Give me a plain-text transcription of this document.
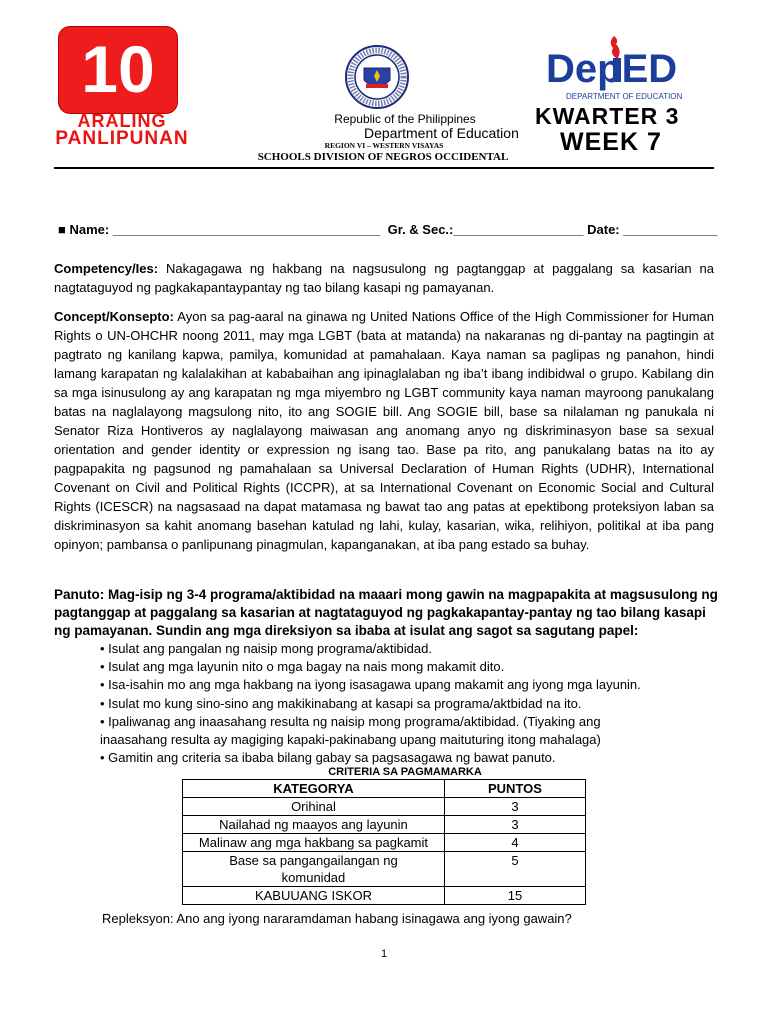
10
ARALING
PANLIPUNAN
Republic of the Philippines
Department of Education
REGION VI – WESTERN VISAYAS
SCHOOLS DIVISION OF NEGROS OCCIDENTAL
DepED
DEPARTMENT OF EDUCATION
KWARTER 3
WEEK 7
■ Name: _____________________________________ Gr. & Sec.:__________________ Date: _____________
Competency/Ies: Nakagagawa ng hakbang na nagsusulong ng pagtanggap at paggalang sa kasarian na nagtataguyod ng pagkakapantaypantay ng tao bilang kasapi ng pamayanan.
Concept/Konsepto: Ayon sa pag-aaral na ginawa ng United Nations Office of the High Commissioner for Human Rights o UN-OHCHR noong 2011, may mga LGBT (bata at matanda) na nakaranas ng di-pantay na pagtingin at pagtrato ng kanilang kapwa, pamilya, komunidad at pamahalaan. Kaya naman sa paglipas ng panahon, hindi lamang karapatan ng kalalakihan at kababaihan ang ipinaglalaban ng iba’t ibang indibidwal o grupo. Kabilang din sa mga isinusulong ay ang karapatan ng mga miyembro ng LGBT community kaya naman mayroong panukalang batas na naglalayong magsulong nito, ito ang SOGIE bill. Ang SOGIE bill, base sa nilalaman ng panukala ni Senator Riza Hontiveros ay naglalayong maiwasan ang anomang anyo ng diskriminasyon base sa sexual orientation and gender identity or expression ng isang tao. Base pa rito, ang panukalang batas na ito ay pagpapakita ng pagsunod ng pamahalaan sa Universal Declaration of Human Rights (UDHR), International Covenant on Civil and Political Rights (ICCPR), at sa International Covenant on Economic Social and Cultural Rights (ICESCR) na nagsasaad na dapat matamasa ng bawat tao ang patas at epektibong proteksiyon laban sa diskriminasyon sa kahit anomang basehan katulad ng lahi, kulay, kasarian, wika, relihiyon, politikal at iba pang opinyon; pambansa o panlipunang pinagmulan, kapanganakan, at iba pang estado sa buhay.
Panuto: Mag-isip ng 3-4 programa/aktibidad na maaari mong gawin na magpapakita at magsusulong ng pagtanggap at paggalang sa kasarian at nagtataguyod ng pagkakapantay-pantay ng tao bilang kasapi ng pamayanan. Sundin ang mga direksiyon sa ibaba at isulat ang sagot sa sagutang papel:
• Isulat ang pangalan ng naisip mong programa/aktibidad.
• Isulat ang mga layunin nito o mga bagay na nais mong makamit dito.
• Isa-isahin mo ang mga hakbang na iyong isasagawa upang makamit ang iyong mga layunin.
• Isulat mo kung sino-sino ang makikinabang at kasapi sa programa/aktbidad na ito.
• Ipaliwanag ang inaasahang resulta ng naisip mong programa/aktibidad. (Tiyaking ang inaasahang resulta ay magiging kapaki-pakinabang upang maituturing itong mahalaga)
• Gamitin ang criteria sa ibaba bilang gabay sa pagsasagawa ng bawat panuto.
CRITERIA SA PAGMAMARKA
KATEGORYA	PUNTOS
Orihinal	3
Nailahad ng maayos ang layunin	3
Malinaw ang mga hakbang sa pagkamit	4
Base sa pangangailangan ng komunidad	5
KABUUANG ISKOR	15
Repleksyon: Ano ang iyong nararamdaman habang isinagawa ang iyong gawain?
1
